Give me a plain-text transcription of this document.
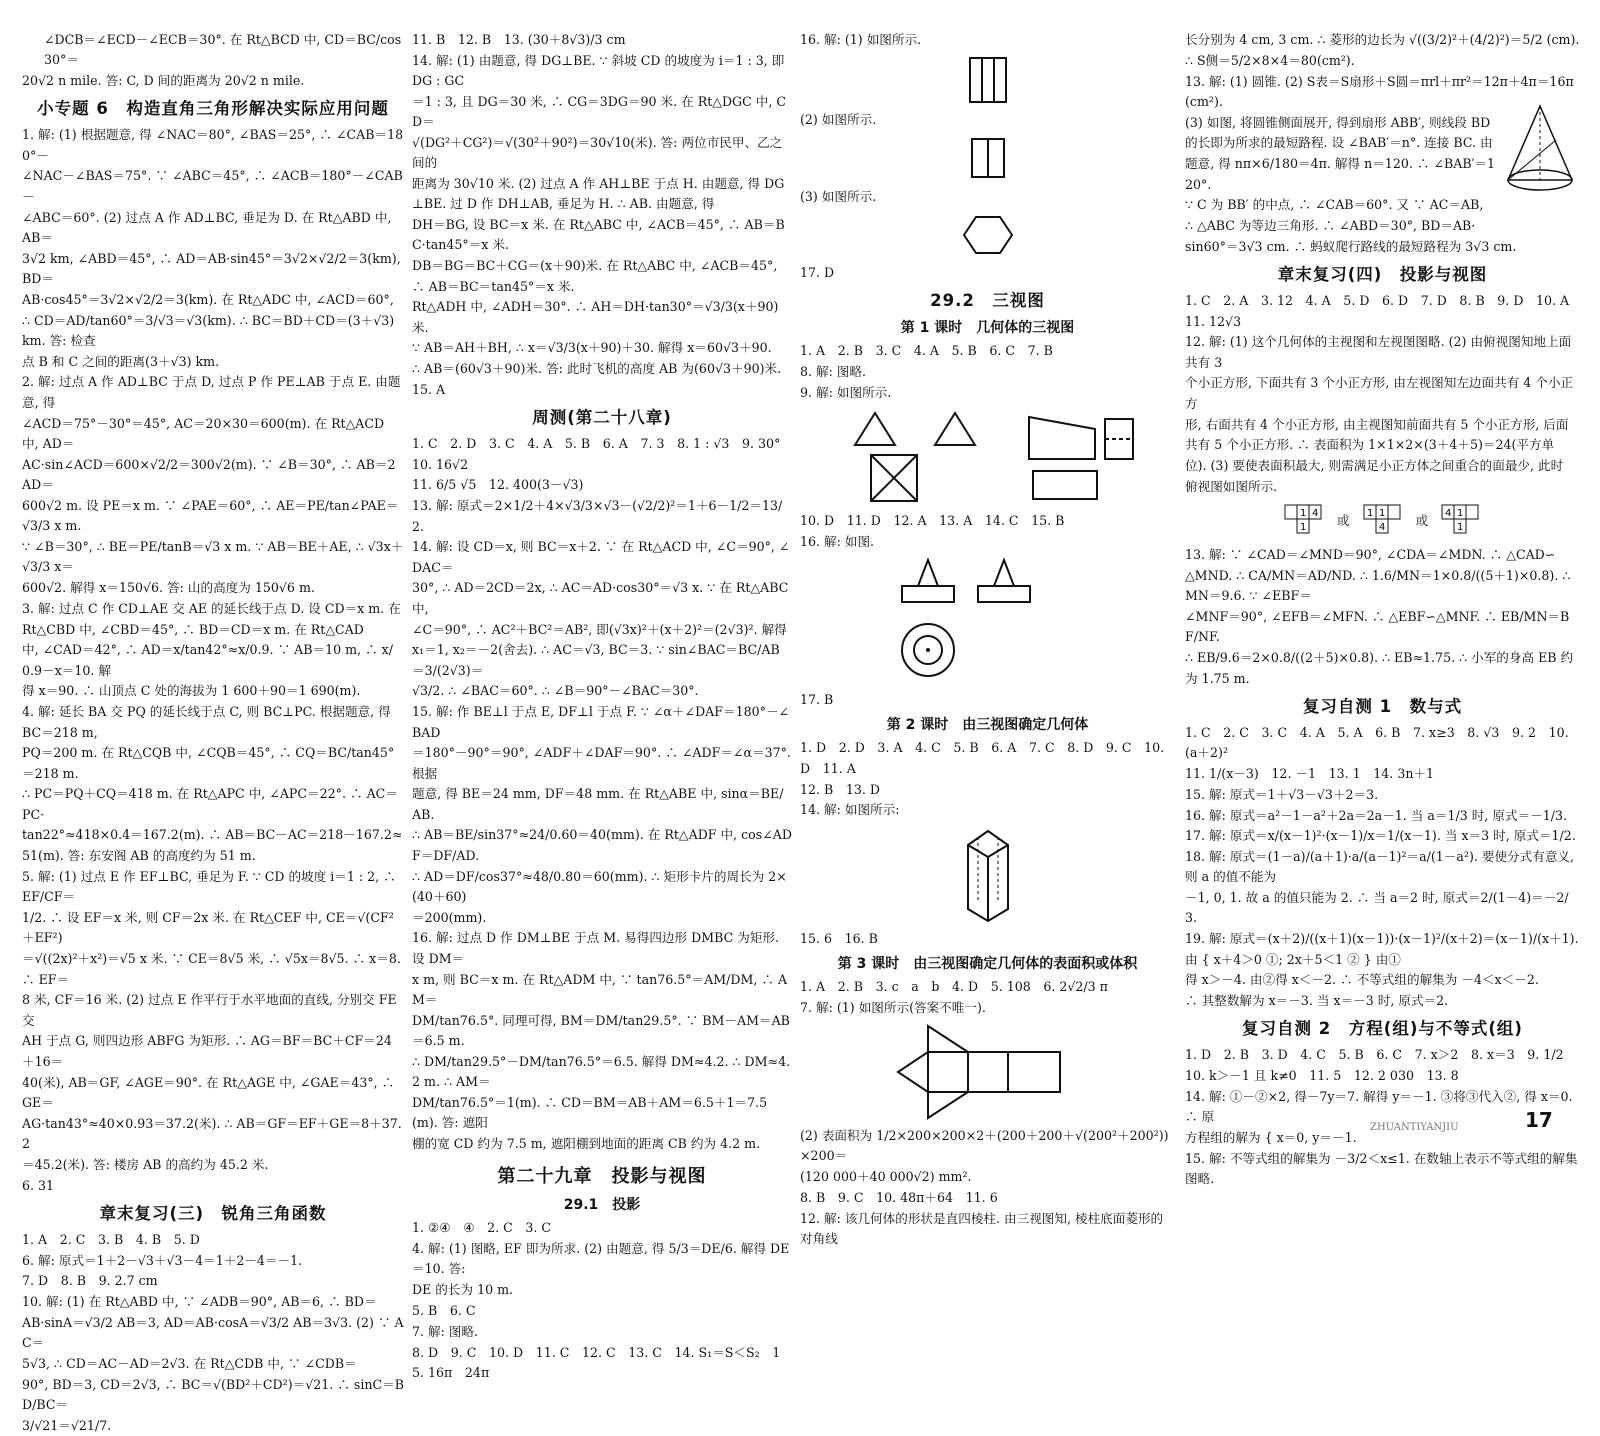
∠DCB＝∠ECD－∠ECB＝30°. 在 Rt△BCD 中, CD＝BC/cos30°＝

20√2 n mile. 答: C, D 间的距离为 20√2 n mile.

小专题 6　构造直角三角形解决实际应用问题

1. 解: (1) 根据题意, 得 ∠NAC＝80°, ∠BAS＝25°, ∴ ∠CAB＝180°－

∠NAC－∠BAS＝75°. ∵ ∠ABC＝45°, ∴ ∠ACB＝180°－∠CAB－

∠ABC＝60°. (2) 过点 A 作 AD⊥BC, 垂足为 D. 在 Rt△ABD 中, AB＝

3√2 km, ∠ABD＝45°, ∴ AD＝AB·sin45°＝3√2×√2/2＝3(km), BD＝

AB·cos45°＝3√2×√2/2＝3(km). 在 Rt△ADC 中, ∠ACD＝60°,

∴ CD＝AD/tan60°＝3/√3＝√3(km). ∴ BC＝BD＋CD＝(3＋√3) km. 答: 检查

点 B 和 C 之间的距离(3＋√3) km.

2. 解: 过点 A 作 AD⊥BC 于点 D, 过点 P 作 PE⊥AB 于点 E. 由题意, 得

∠ACD＝75°－30°＝45°, AC＝20×30＝600(m). 在 Rt△ACD 中, AD＝

AC·sin∠ACD＝600×√2/2＝300√2(m). ∵ ∠B＝30°, ∴ AB＝2AD＝

600√2 m. 设 PE＝x m. ∵ ∠PAE＝60°, ∴ AE＝PE/tan∠PAE＝√3/3 x m.

∵ ∠B＝30°, ∴ BE＝PE/tanB＝√3 x m. ∵ AB＝BE＋AE, ∴ √3x＋√3/3 x＝

600√2. 解得 x＝150√6. 答: 山的高度为 150√6 m.

3. 解: 过点 C 作 CD⊥AE 交 AE 的延长线于点 D. 设 CD＝x m. 在

Rt△CBD 中, ∠CBD＝45°, ∴ BD＝CD＝x m. 在 Rt△CAD

中, ∠CAD＝42°, ∴ AD＝x/tan42°≈x/0.9. ∵ AB＝10 m, ∴ x/0.9－x＝10. 解

得 x＝90. ∴ 山顶点 C 处的海拔为 1 600＋90＝1 690(m).

4. 解: 延长 BA 交 PQ 的延长线于点 C, 则 BC⊥PC. 根据题意, 得 BC＝218 m,

PQ＝200 m. 在 Rt△CQB 中, ∠CQB＝45°, ∴ CQ＝BC/tan45°＝218 m.

∴ PC＝PQ＋CQ＝418 m. 在 Rt△APC 中, ∠APC＝22°. ∴ AC＝PC·

tan22°≈418×0.4＝167.2(m). ∴ AB＝BC－AC＝218－167.2≈

51(m). 答: 东安阁 AB 的高度约为 51 m.

5. 解: (1) 过点 E 作 EF⊥BC, 垂足为 F. ∵ CD 的坡度 i＝1 : 2, ∴ EF/CF＝

1/2. ∴ 设 EF＝x 米, 则 CF＝2x 米. 在 Rt△CEF 中, CE＝√(CF²＋EF²)

＝√((2x)²＋x²)＝√5 x 米. ∵ CE＝8√5 米, ∴ √5x＝8√5. ∴ x＝8. ∴ EF＝

8 米, CF＝16 米. (2) 过点 E 作平行于水平地面的直线, 分别交 FE 交

AH 于点 G, 则四边形 ABFG 为矩形. ∴ AG＝BF＝BC＋CF＝24＋16＝

40(米), AB＝GF, ∠AGE＝90°. 在 Rt△AGE 中, ∠GAE＝43°, ∴ GE＝

AG·tan43°≈40×0.93＝37.2(米). ∴ AB＝GF＝EF＋GE＝8＋37.2

＝45.2(米). 答: 楼房 AB 的高约为 45.2 米.

6. 31

章末复习(三)　锐角三角函数

1. A　2. C　3. B　4. B　5. D

6. 解: 原式＝1＋2－√3＋√3－4＝1＋2－4＝－1.

7. D　8. B　9. 2.7 cm

10. 解: (1) 在 Rt△ABD 中, ∵ ∠ADB＝90°, AB＝6, ∴ BD＝

AB·sinA＝√3/2 AB＝3, AD＝AB·cosA＝√3/2 AB＝3√3. (2) ∵ AC＝

5√3, ∴ CD＝AC－AD＝2√3. 在 Rt△CDB 中, ∵ ∠CDB＝

90°, BD＝3, CD＝2√3, ∴ BC＝√(BD²＋CD²)＝√21. ∴ sinC＝BD/BC＝

3/√21＝√21/7.

11. B　12. B　13. (30＋8√3)/3 cm

14. 解: (1) 由题意, 得 DG⊥BE. ∵ 斜坡 CD 的坡度为 i＝1 : 3, 即 DG : GC

＝1 : 3, 且 DG＝30 米, ∴ CG＝3DG＝90 米. 在 Rt△DGC 中, CD＝

√(DG²＋CG²)＝√(30²＋90²)＝30√10(米). 答: 两位市民甲、乙之间的

距离为 30√10 米. (2) 过点 A 作 AH⊥BE 于点 H. 由题意, 得 DG⊥BE. 过 D 作 DH⊥AB, 垂足为 H. ∴ AB. 由题意, 得

DH＝BG, 设 BC＝x 米. 在 Rt△ABC 中, ∠ACB＝45°, ∴ AB＝BC·tan45°＝x 米.

DB＝BG＝BC＋CG＝(x＋90)米. 在 Rt△ABC 中, ∠ACB＝45°, ∴ AB＝BC＝tan45°＝x 米.

Rt△ADH 中, ∠ADH＝30°. ∴ AH＝DH·tan30°＝√3/3(x＋90)米.

∵ AB＝AH＋BH, ∴ x＝√3/3(x＋90)＋30. 解得 x＝60√3＋90.

∴ AB＝(60√3＋90)米. 答: 此时飞机的高度 AB 为(60√3＋90)米.

15. A

周测(第二十八章)

1. C　2. D　3. C　4. A　5. B　6. A　7. 3　8. 1 : √3　9. 30°　10. 16√2

11. 6/5 √5　12. 400(3－√3)

13. 解: 原式＝2×1/2＋4×√3/3×√3－(√2/2)²＝1＋6－1/2＝13/2.

14. 解: 设 CD＝x, 则 BC＝x＋2. ∵ 在 Rt△ACD 中, ∠C＝90°, ∠DAC＝

30°, ∴ AD＝2CD＝2x, ∴ AC＝AD·cos30°＝√3 x. ∵ 在 Rt△ABC 中,

∠C＝90°, ∴ AC²＋BC²＝AB², 即(√3x)²＋(x＋2)²＝(2√3)². 解得

x₁＝1, x₂＝－2(舍去). ∴ AC＝√3, BC＝3. ∵ sin∠BAC＝BC/AB＝3/(2√3)＝

√3/2. ∴ ∠BAC＝60°. ∴ ∠B＝90°－∠BAC＝30°.

15. 解: 作 BE⊥l 于点 E, DF⊥l 于点 F. ∵ ∠α＋∠DAF＝180°－∠BAD

＝180°－90°＝90°, ∠ADF＋∠DAF＝90°. ∴ ∠ADF＝∠α＝37°. 根据

题意, 得 BE＝24 mm, DF＝48 mm. 在 Rt△ABE 中, sinα＝BE/AB.

∴ AB＝BE/sin37°≈24/0.60＝40(mm). 在 Rt△ADF 中, cos∠ADF＝DF/AD.

∴ AD＝DF/cos37°≈48/0.80＝60(mm). ∴ 矩形卡片的周长为 2×(40＋60)

＝200(mm).

16. 解: 过点 D 作 DM⊥BE 于点 M. 易得四边形 DMBC 为矩形. 设 DM＝

x m, 则 BC＝x m. 在 Rt△ADM 中, ∵ tan76.5°＝AM/DM, ∴ AM＝

DM/tan76.5°. 同理可得, BM＝DM/tan29.5°. ∵ BM－AM＝AB＝6.5 m.

∴ DM/tan29.5°－DM/tan76.5°＝6.5. 解得 DM≈4.2. ∴ DM≈4.2 m. ∴ AM＝

DM/tan76.5°＝1(m). ∴ CD＝BM＝AB＋AM＝6.5＋1＝7.5(m). 答: 遮阳

棚的宽 CD 约为 7.5 m, 遮阳棚到地面的距离 CB 约为 4.2 m.

第二十九章　投影与视图
29.1　投影

1. ②④　④　2. C　3. C

4. 解: (1) 图略, EF 即为所求. (2) 由题意, 得 5/3＝DE/6. 解得 DE＝10. 答:

DE 的长为 10 m.

5. B　6. C

7. 解: 图略.

8. D　9. C　10. D　11. C　12. C　13. C　14. S₁＝S＜S₂　15. 16π　24π

16. 解: (1) 如图所示.

(2) 如图所示.

(3) 如图所示.

17. D

29.2　三视图
第 1 课时　几何体的三视图

1. A　2. B　3. C　4. A　5. B　6. C　7. B

8. 解: 图略.

9. 解: 如图所示.

10. D　11. D　12. A　13. A　14. C　15. B

16. 解: 如图.

17. B

第 2 课时　由三视图确定几何体

1. D　2. D　3. A　4. C　5. B　6. A　7. C　8. D　9. C　10. D　11. A

12. B　13. D

14. 解: 如图所示:

15. 6　16. B

第 3 课时　由三视图确定几何体的表面积或体积

1. A　2. B　3. c　a　b　4. D　5. 108　6. 2√2/3 π

7. 解: (1) 如图所示(答案不唯一).

(2) 表面积为 1/2×200×200×2＋(200＋200＋√(200²＋200²))×200＝

(120 000＋40 000√2) mm².

8. B　9. C　10. 48π＋64　11. 6

12. 解: 该几何体的形状是直四棱柱. 由三视图知, 棱柱底面菱形的对角线

长分别为 4 cm, 3 cm. ∴ 菱形的边长为 √((3/2)²＋(4/2)²)＝5/2 (cm).

∴ S侧＝5/2×8×4＝80(cm²).

13. 解: (1) 圆锥. (2) S表＝S扇形＋S圆＝πrl＋πr²＝12π＋4π＝16π(cm²).

(3) 如图, 将圆锥侧面展开, 得到扇形 ABB′, 则线段 BD

的长即为所求的最短路程. 设 ∠BAB′＝n°. 连接 BC. 由

题意, 得 nπ×6/180＝4π. 解得 n＝120. ∴ ∠BAB′＝120°.

∵ C 为 BB′ 的中点, ∴ ∠CAB＝60°. 又 ∵ AC＝AB,

∴ △ABC 为等边三角形. ∴ ∠ABD＝30°, BD＝AB·

sin60°＝3√3 cm. ∴ 蚂蚁爬行路线的最短路程为 3√3 cm.

章末复习(四)　投影与视图

1. C　2. A　3. 12　4. A　5. D　6. D　7. D　8. B　9. D　10. A　11. 12√3

12. 解: (1) 这个几何体的主视图和左视图图略. (2) 由俯视图知地上面共有 3

个小正方形, 下面共有 3 个小正方形, 由左视图知左边面共有 4 个小正方

形, 右面共有 4 个小正方形, 由主视图知前面共有 5 个小正方形, 后面

共有 5 个小正方形. ∴ 表面积为 1×1×2×(3＋4＋5)＝24(平方单

位). (3) 要使表面积最大, 则需满足小正方体之间重合的面最少, 此时

俯视图如图所示.

1 4
1 或 1 1
4 或 4 1
1

13. 解: ∵ ∠CAD＝∠MND＝90°, ∠CDA＝∠MDN. ∴ △CAD∽

△MND. ∴ CA/MN＝AD/ND. ∴ 1.6/MN＝1×0.8/((5＋1)×0.8). ∴ MN＝9.6. ∵ ∠EBF＝

∠MNF＝90°, ∠EFB＝∠MFN. ∴ △EBF∽△MNF. ∴ EB/MN＝BF/NF.

∴ EB/9.6＝2×0.8/((2＋5)×0.8). ∴ EB≈1.75. ∴ 小军的身高 EB 约为 1.75 m.

复习自测 1　数与式

1. C　2. C　3. C　4. A　5. A　6. B　7. x≥3　8. √3　9. 2　10. (a＋2)²

11. 1/(x－3)　12. －1　13. 1　14. 3n＋1

15. 解: 原式＝1＋√3－√3＋2＝3.

16. 解: 原式＝a²－1－a²＋2a＝2a－1. 当 a＝1/3 时, 原式＝－1/3.

17. 解: 原式＝x/(x－1)²·(x－1)/x＝1/(x－1). 当 x＝3 时, 原式＝1/2.

18. 解: 原式＝(1－a)/(a＋1)·a/(a－1)²＝a/(1－a²). 要使分式有意义, 则 a 的值不能为

－1, 0, 1. 故 a 的值只能为 2. ∴ 当 a＝2 时, 原式＝2/(1－4)＝－2/3.

19. 解: 原式＝(x＋2)/((x＋1)(x－1))·(x－1)²/(x＋2)＝(x－1)/(x＋1). 由 { x＋4＞0 ①; 2x＋5＜1 ② } 由①

得 x＞－4. 由②得 x＜－2. ∴ 不等式组的解集为 －4＜x＜－2.

∴ 其整数解为 x＝－3. 当 x＝－3 时, 原式＝2.

复习自测 2　方程(组)与不等式(组)

1. D　2. B　3. D　4. C　5. B　6. C　7. x＞2　8. x＝3　9. 1/2

10. k＞－1 且 k≠0　11. 5　12. 2 030　13. 8

14. 解: ①－②×2, 得－7y＝7. 解得 y＝－1. ③将③代入②, 得 x＝0. ∴ 原

方程组的解为 { x＝0, y＝－1.

15. 解: 不等式组的解集为 －3/2＜x≤1. 在数轴上表示不等式组的解集图略.

ZHUANTIYANJIU	17
